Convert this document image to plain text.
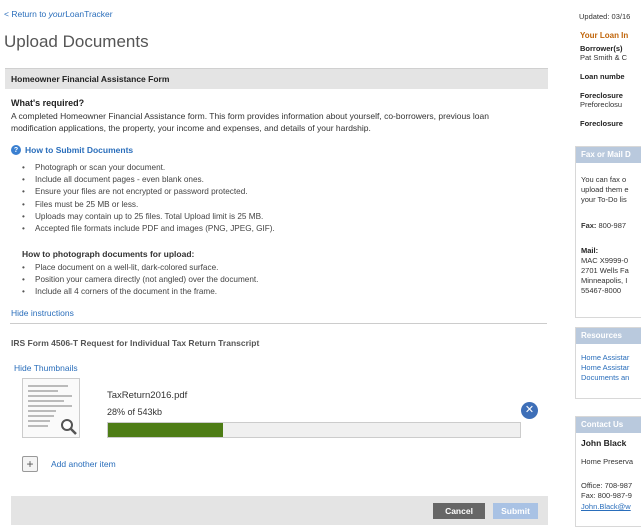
< Return to yourLoanTracker
Upload Documents
Homeowner Financial Assistance Form
What's required?
A completed Homeowner Financial Assistance form. This form provides information about yourself, co-borrowers, previous loan modification applications, the property, your income and expenses, and details of your hardship.
? How to Submit Documents
• Photograph or scan your document.
• Include all document pages - even blank ones.
• Ensure your files are not encrypted or password protected.
• Files must be 25 MB or less.
• Uploads may contain up to 25 files. Total Upload limit is 25 MB.
• Accepted file formats include PDF and images (PNG, JPEG, GIF).
How to photograph documents for upload:
• Place document on a well-lit, dark-colored surface.
• Position your camera directly (not angled) over the document.
• Include all 4 corners of the document in the frame.
Hide instructions
IRS Form 4506-T Request for Individual Tax Return Transcript
Hide Thumbnails
TaxReturn2016.pdf
28% of 543kb	✕
+ Add another item
Cancel	Submit
Updated: 03/16
Your Loan In
Borrower(s)
Pat Smith & C
Loan numbe
Foreclosure
Preforeclosu
Foreclosure
Fax or Mail D
You can fax o
upload them e
your To-Do lis
Fax: 800-987
Mail:
MAC X9999-0
2701 Wells Fa
Minneapolis, I
55467-8000
Resources
Home Assistar
Home Assistar
Documents an
Contact Us
John Black
Home Preserva
Office: 708-987
Fax: 800-987-9
John.Black@w
